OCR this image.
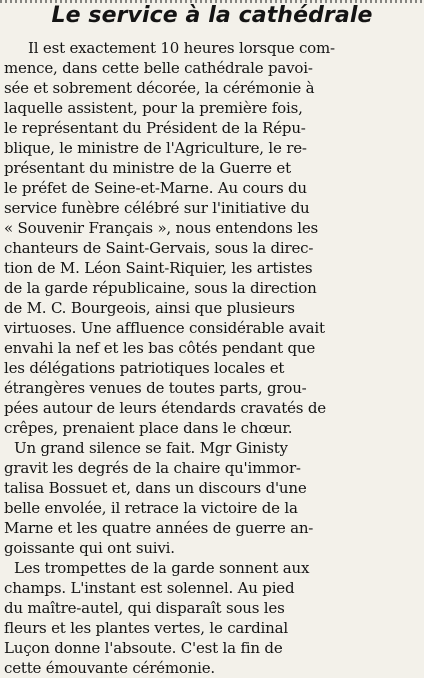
Le service à la cathédrale
Il est exactement 10 heures lorsque com-
mence, dans cette belle cathédrale pavoi-
sée et sobrement décorée, la cérémonie à
laquelle assistent, pour la première fois,
le représentant du Président de la Répu-
blique, le ministre de l'Agriculture, le re-
présentant du ministre de la Guerre et
le préfet de Seine-et-Marne. Au cours du
service funèbre célébré sur l'initiative du
« Souvenir Français », nous entendons les
chanteurs de Saint-Gervais, sous la direc-
tion de M. Léon Saint-Riquier, les artistes
de la garde républicaine, sous la direction
de M. C. Bourgeois, ainsi que plusieurs
virtuoses. Une affluence considérable avait
envahi la nef et les bas côtés pendant que
les délégations patriotiques locales et
étrangères venues de toutes parts, grou-
pées autour de leurs étendards cravatés de
crêpes, prenaient place dans le chœur.
Un grand silence se fait. Mgr Ginisty
gravit les degrés de la chaire qu'immor-
talisa Bossuet et, dans un discours d'une
belle envolée, il retrace la victoire de la
Marne et les quatre années de guerre an-
goissante qui ont suivi.
Les trompettes de la garde sonnent aux
champs. L'instant est solennel. Au pied
du maître-autel, qui disparaît sous les
fleurs et les plantes vertes, le cardinal
Luçon donne l'absoute. C'est la fin de
cette émouvante cérémonie.
